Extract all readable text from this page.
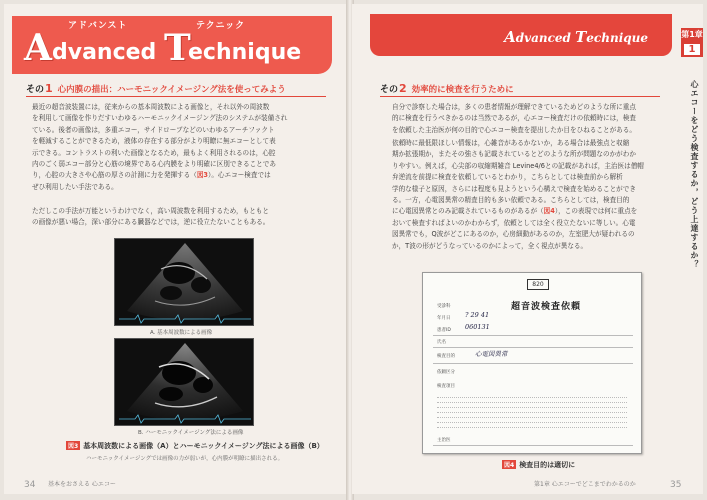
アドバンスト	テクニック
A dvanced T
echnique
その1 心内膜の描出：ハーモニックイメージング法を使ってみよう
最近の超音波装置には，従来からの基本周波数による画像と，それ以外の周波数
を利用して画像を作りだすいわゆるハーモニックイメージング法のシステムが装備され
ている。後者の画像は，多重エコー，サイドローブなどのいわゆるアーチファクト
を軽減することができるため，液体の存在する部分がより明瞭に無エコーとして表
示できる。コントラストの利いた画像となるため，最もよく利用されるのは，心腔
内のごく弱エコー部分と心筋の境界である心内膜をより明確に区別できることであ
り，心腔の大きさや心筋の厚さの計測に力を発揮する（図3）。心エコー検査では
ぜひ利用したい手法である。
ただしこの手法が万能というわけでなく，高い周波数を利用するため，もともと
の画像が悪い場合，深い部分にある臓器などでは，逆に役立たないこともある。
A. 基本周波数による画像
B. ハーモニックイメージング法による画像
図3 基本周波数による画像（A）とハーモニックイメージング法による画像（B）
ハーモニックイメージングでは画像の力が弱いが，心内膜が明瞭に描出される。
34 基本をおさえる 心エコー
Advanced Technique	第1章
1
心エコーをどう検査するか，どう上達するか？
その2 効率的に検査を行うために
自分で診察した場合は，多くの患者情報が理解できているためどのような所に重点
的に検査を行うべきかるのは当然であるが，心エコー検査だけの依頼時には，検査
を依頼した主治医が何の目的で心エコー検査を提出したか目をひねることがある。
依頼時に最低限ほしい情報は，心雑音があるかないか，ある場合は最強点と収縮
期か拡張期か，またその強さも記載されているとどのような所が問題なのかがわか
りやすい。例えば，心尖部の収縮期雑音 Levine4/6との記載があれば，主治医は僧帽
弁逆流を前提に検査を依頼しているとわかり，こちらとしては検査前から解析
学的な様子と原因，さらには程度も見ようという心構えで検査を始めることができ
る。一方，心電図異常の精査目的も多い依頼である。こちらとしては，検査目的
に心電図異常とのみ記載されているものがあるが（図4），この表現では何に重点を
おいて検査すればよいのかわからず，依頼としては全く役立たないに等しい。心電
図異常でも，Q波がどこにあるのか，心房細動があるのか，左室肥大が疑われるの
か，T波の形がどうなっているのかによって，全く視点が異なる。
820
超音波検査依頼
受診科
年月日 ? 29 41
患者ID 060131
氏名
検査目的	心電図異常
依頼区分
検査項目
主治医
図4 検査目的は適切に
第1章 心エコーでどこまでわかるのか	35
